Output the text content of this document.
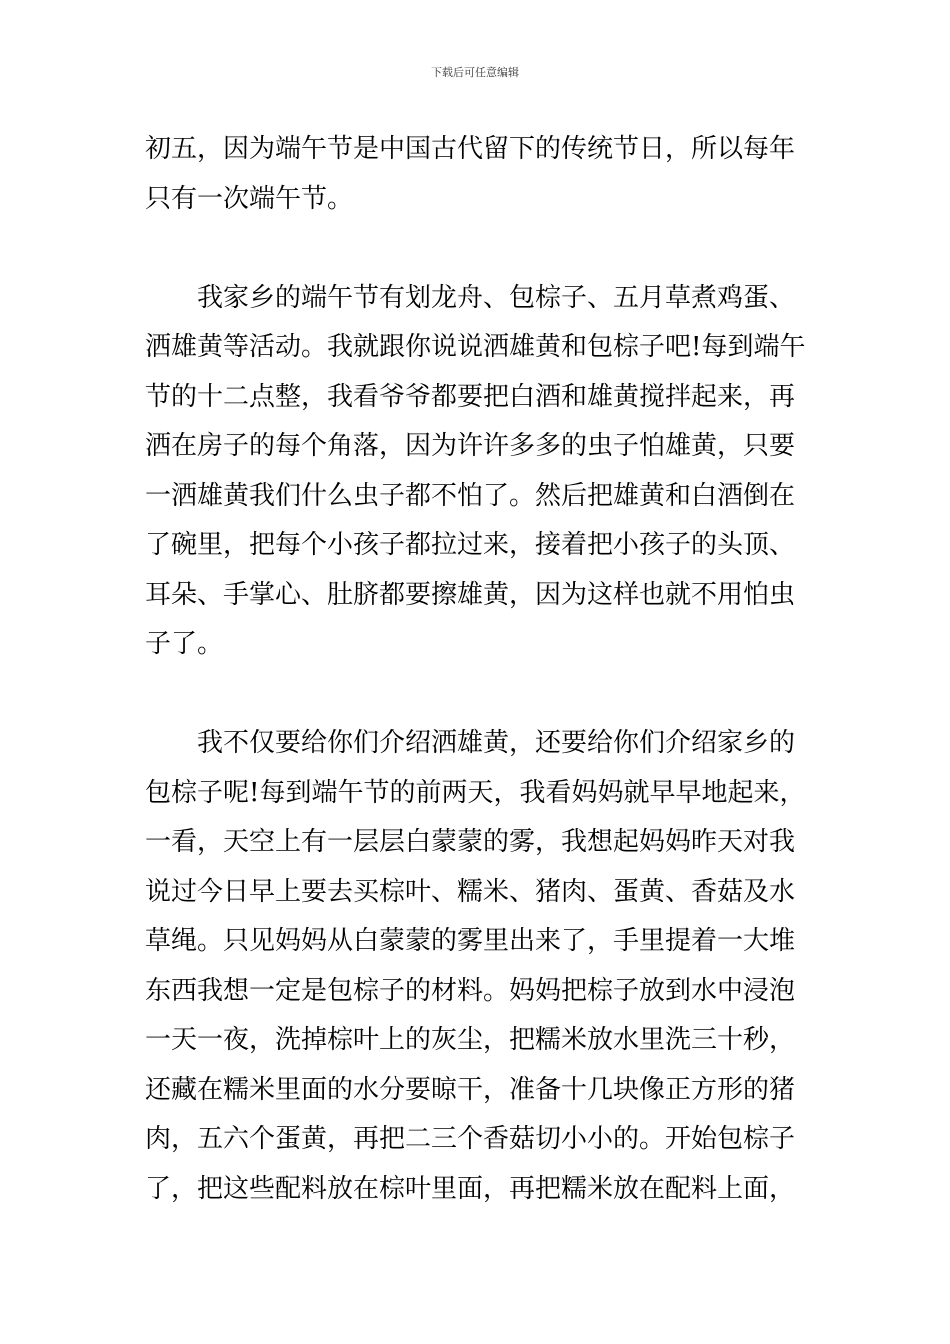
下载后可任意编辑
初五，因为端午节是中国古代留下的传统节日，所以每年
只有一次端午节。
我家乡的端午节有划龙舟、包棕子、五月草煮鸡蛋、
洒雄黄等活动。我就跟你说说洒雄黄和包棕子吧!每到端午
节的十二点整，我看爷爷都要把白酒和雄黄搅拌起来，再
洒在房子的每个角落，因为许许多多的虫子怕雄黄，只要
一洒雄黄我们什么虫子都不怕了。然后把雄黄和白酒倒在
了碗里，把每个小孩子都拉过来，接着把小孩子的头顶、
耳朵、手掌心、肚脐都要擦雄黄，因为这样也就不用怕虫
子了。
我不仅要给你们介绍洒雄黄，还要给你们介绍家乡的
包棕子呢!每到端午节的前两天，我看妈妈就早早地起来，
一看，天空上有一层层白蒙蒙的雾，我想起妈妈昨天对我
说过今日早上要去买棕叶、糯米、猪肉、蛋黄、香菇及水
草绳。只见妈妈从白蒙蒙的雾里出来了，手里提着一大堆
东西我想一定是包棕子的材料。妈妈把棕子放到水中浸泡
一天一夜，洗掉棕叶上的灰尘，把糯米放水里洗三十秒，
还藏在糯米里面的水分要晾干，准备十几块像正方形的猪
肉，五六个蛋黄，再把二三个香菇切小小的。开始包棕子
了，把这些配料放在棕叶里面，再把糯米放在配料上面，
